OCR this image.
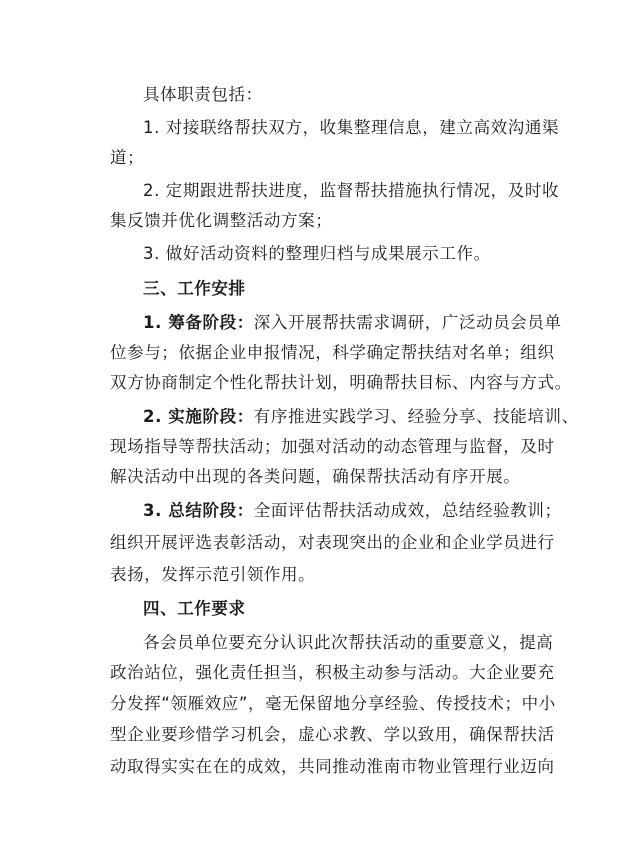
具体职责包括：
1. 对接联络帮扶双方，收集整理信息，建立高效沟通渠
道；
2. 定期跟进帮扶进度，监督帮扶措施执行情况，及时收
集反馈并优化调整活动方案；
3. 做好活动资料的整理归档与成果展示工作。
三、工作安排
1. 筹备阶段：深入开展帮扶需求调研，广泛动员会员单
位参与；依据企业申报情况，科学确定帮扶结对名单；组织
双方协商制定个性化帮扶计划，明确帮扶目标、内容与方式。
2. 实施阶段：有序推进实践学习、经验分享、技能培训、
现场指导等帮扶活动；加强对活动的动态管理与监督，及时
解决活动中出现的各类问题，确保帮扶活动有序开展。
3. 总结阶段：全面评估帮扶活动成效，总结经验教训；
组织开展评选表彰活动，对表现突出的企业和企业学员进行
表扬，发挥示范引领作用。
四、工作要求
各会员单位要充分认识此次帮扶活动的重要意义，提高
政治站位，强化责任担当，积极主动参与活动。大企业要充
分发挥“领雁效应”，毫无保留地分享经验、传授技术；中小
型企业要珍惜学习机会，虚心求教、学以致用，确保帮扶活
动取得实实在在的成效，共同推动淮南市物业管理行业迈向
